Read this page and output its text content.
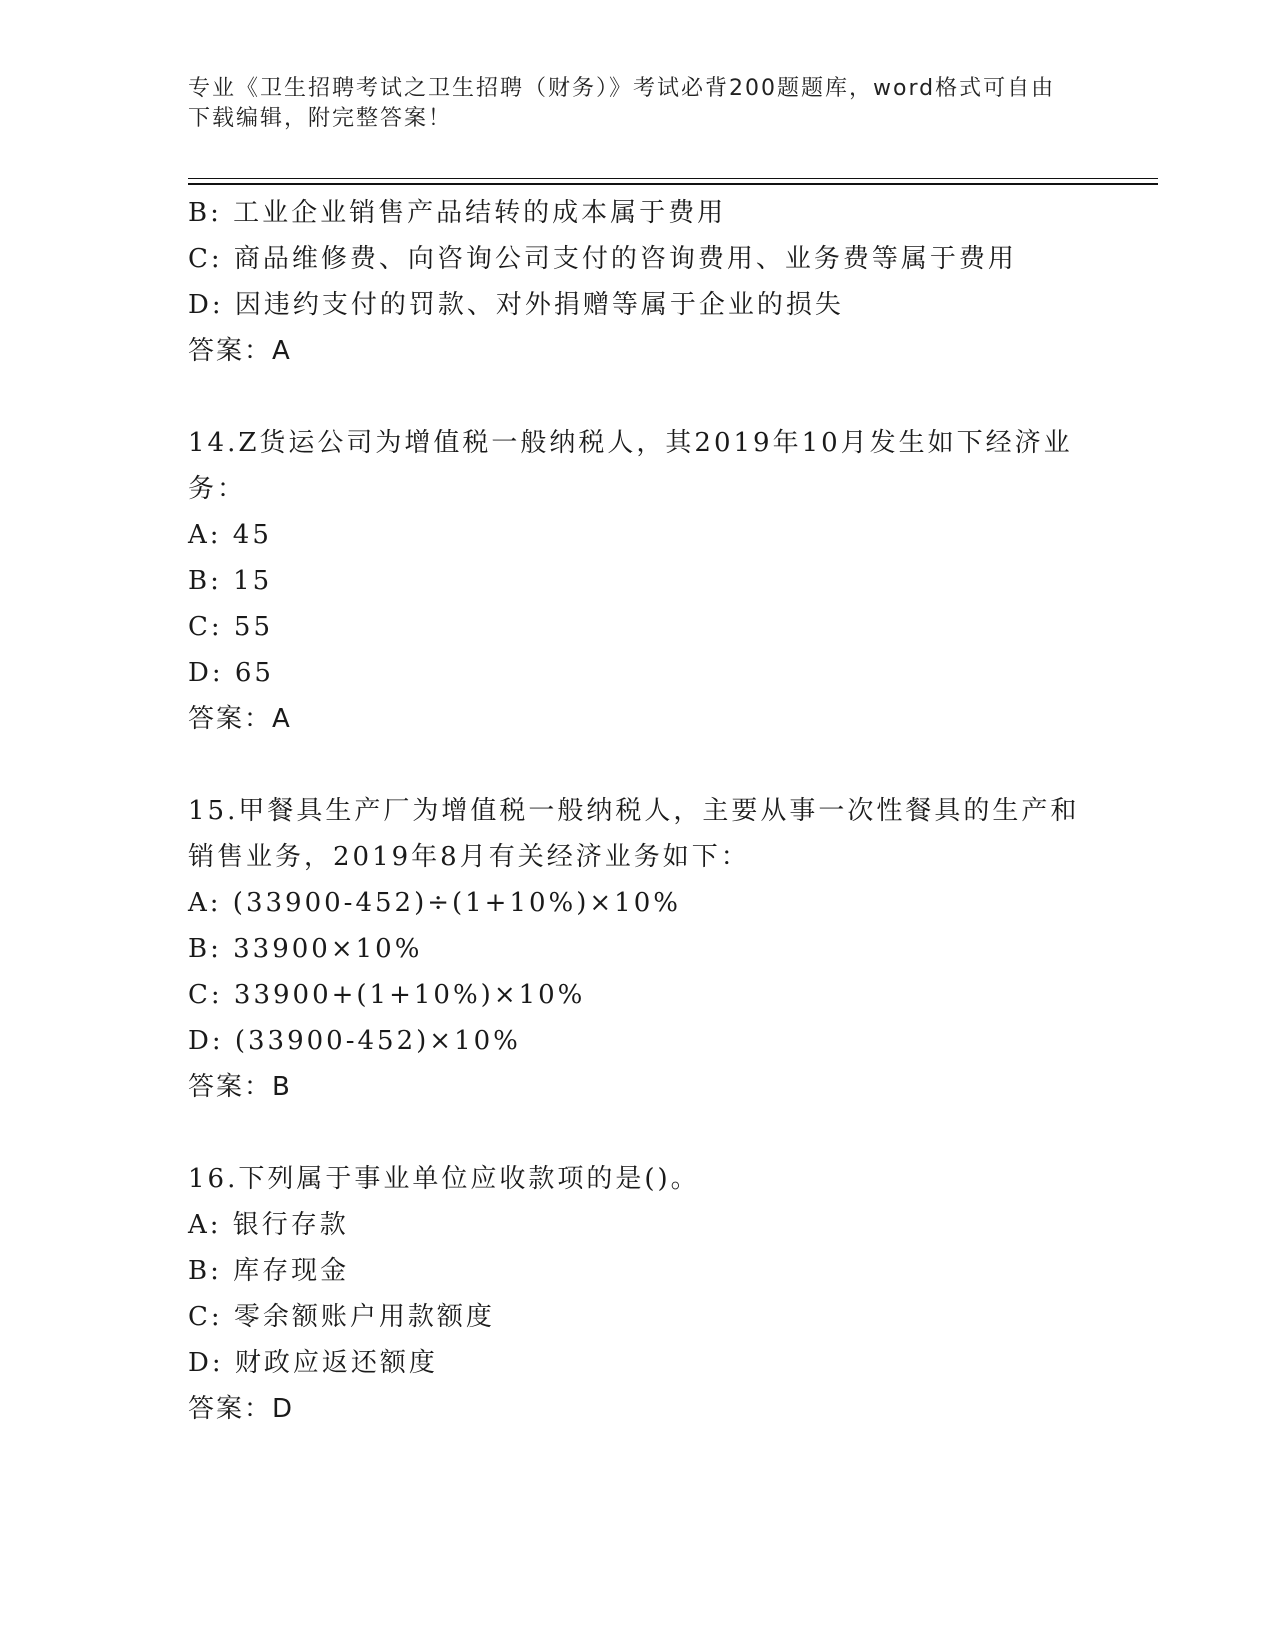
专业《卫生招聘考试之卫生招聘（财务）》考试必背200题题库，word格式可自由下载编辑，附完整答案！
B: 工业企业销售产品结转的成本属于费用
C: 商品维修费、向咨询公司支付的咨询费用、业务费等属于费用
D: 因违约支付的罚款、对外捐赠等属于企业的损失
答案：A
14.Z货运公司为增值税一般纳税人，其2019年10月发生如下经济业务：
A: 45
B: 15
C: 55
D: 65
答案：A
15.甲餐具生产厂为增值税一般纳税人，主要从事一次性餐具的生产和销售业务，2019年8月有关经济业务如下：
A: (33900-452)÷(1+10%)×10%
B: 33900×10%
C: 33900+(1+10%)×10%
D: (33900-452)×10%
答案：B
16.下列属于事业单位应收款项的是()。
A: 银行存款
B: 库存现金
C: 零余额账户用款额度
D: 财政应返还额度
答案：D
